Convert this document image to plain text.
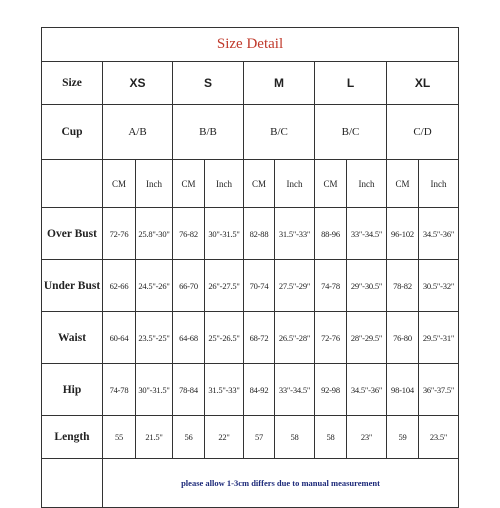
Size Detail										
Size	XS		S		M		L		XL	
Cup	A/B		B/B		B/C		B/C		C/D	
	CM	Inch	CM	Inch	CM	Inch	CM	Inch	CM	Inch
Over Bust	72-76	25.8"-30"	76-82	30"-31.5"	82-88	31.5"-33"	88-96	33"-34.5"	96-102	34.5"-36"
Under Bust	62-66	24.5"-26"	66-70	26"-27.5"	70-74	27.5"-29"	74-78	29"-30.5"	78-82	30.5"-32"
Waist	60-64	23.5"-25"	64-68	25"-26.5"	68-72	26.5"-28"	72-76	28"-29.5"	76-80	29.5"-31"
Hip	74-78	30"-31.5"	78-84	31.5"-33"	84-92	33"-34.5"	92-98	34.5"-36"	98-104	36"-37.5"
Length	55	21.5"	56	22"	57	58	58	23"	59	23.5"
	please allow 1-3cm differs due to manual measurement									
